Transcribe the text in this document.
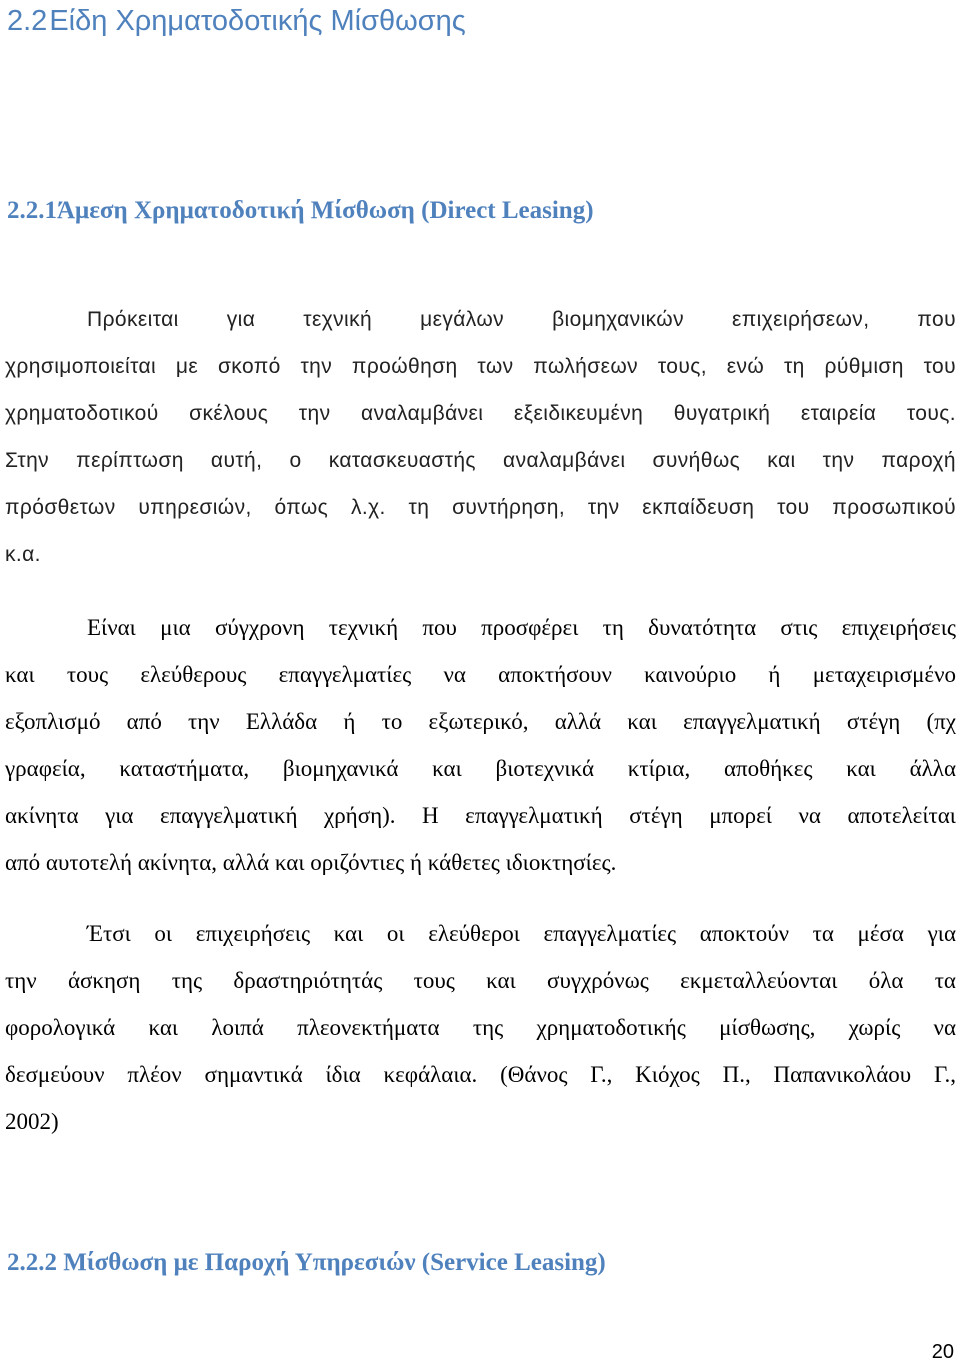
2.2Είδη Χρηματοδοτικής Μίσθωσης
2.2.1Άμεση Χρηματοδοτική Μίσθωση (Direct Leasing)
Πρόκειται για τεχνική μεγάλων βιομηχανικών επιχειρήσεων, που
χρησιμοποιείται με σκοπό την προώθηση των πωλήσεων τους, ενώ τη ρύθμιση του
χρηματοδοτικού σκέλους την αναλαμβάνει εξειδικευμένη θυγατρική εταιρεία τους.
Στην περίπτωση αυτή, ο κατασκευαστής αναλαμβάνει συνήθως και την παροχή
πρόσθετων υπηρεσιών, όπως λ.χ. τη συντήρηση, την εκπαίδευση του προσωπικού
κ.α.
Είναι μια σύγχρονη τεχνική που προσφέρει τη δυνατότητα στις επιχειρήσεις
και τους ελεύθερους επαγγελματίες να αποκτήσουν καινούριο ή μεταχειρισμένο
εξοπλισμό από την Ελλάδα ή το εξωτερικό, αλλά και επαγγελματική στέγη (πχ
γραφεία, καταστήματα, βιομηχανικά και βιοτεχνικά κτίρια, αποθήκες και άλλα
ακίνητα για επαγγελματική χρήση). Η επαγγελματική στέγη μπορεί να αποτελείται
από αυτοτελή ακίνητα, αλλά και οριζόντιες ή κάθετες ιδιοκτησίες.
Έτσι οι επιχειρήσεις και οι ελεύθεροι επαγγελματίες αποκτούν τα μέσα για
την άσκηση της δραστηριότητάς τους και συγχρόνως εκμεταλλεύονται όλα τα
φορολογικά και λοιπά πλεονεκτήματα της χρηματοδοτικής μίσθωσης, χωρίς να
δεσμεύουν πλέον σημαντικά ίδια κεφάλαια. (Θάνος Γ., Κιόχος Π., Παπανικολάου Γ.,
2002)
2.2.2 Μίσθωση με Παροχή Υπηρεσιών (Service Leasing)
20
